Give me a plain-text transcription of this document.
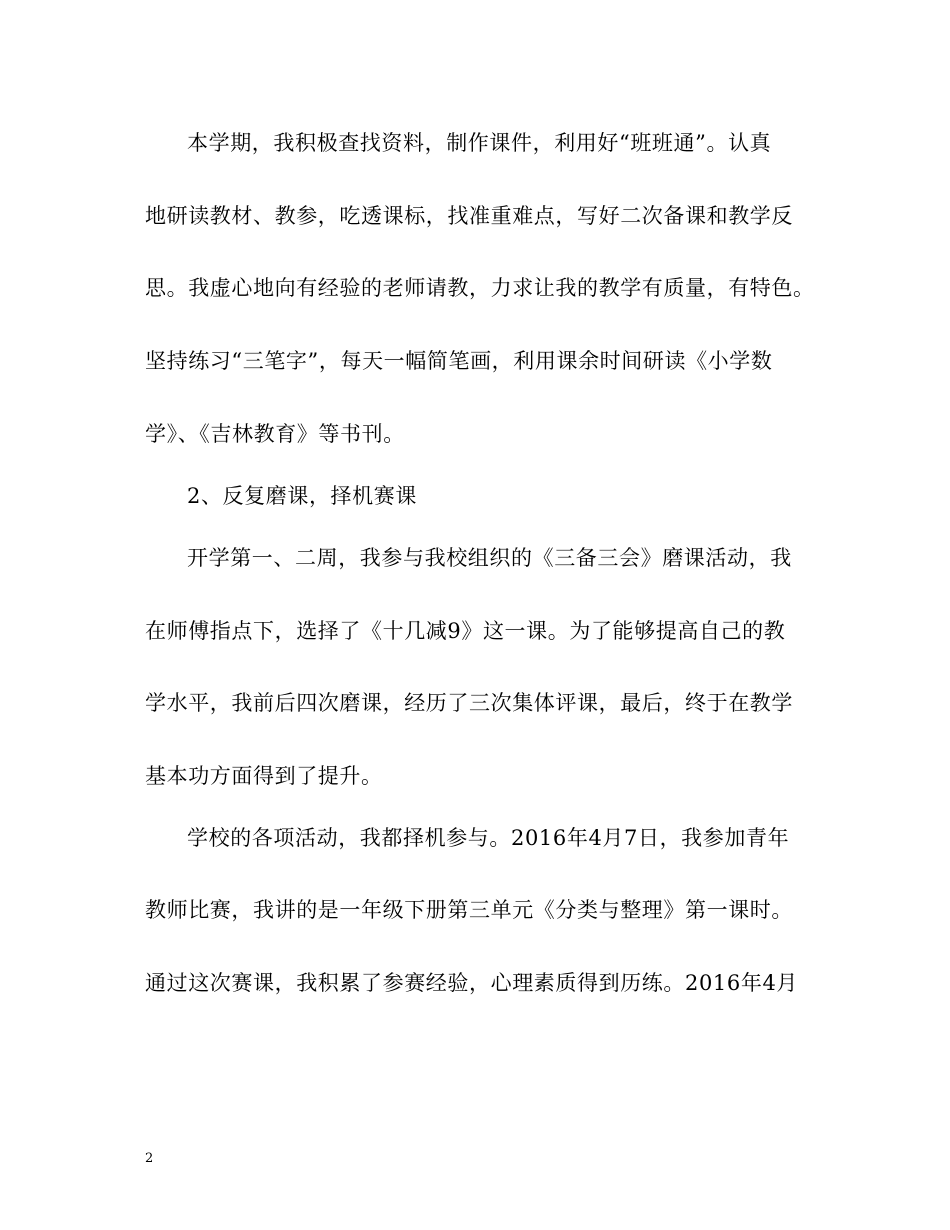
本学期，我积极查找资料，制作课件，利用好“班班通”。认真
地研读教材、教参，吃透课标，找准重难点，写好二次备课和教学反
思。我虚心地向有经验的老师请教，力求让我的教学有质量，有特色。
坚持练习“三笔字”，每天一幅简笔画，利用课余时间研读《小学数
学》、《吉林教育》等书刊。
2、反复磨课，择机赛课
开学第一、二周，我参与我校组织的《三备三会》磨课活动，我
在师傅指点下，选择了《十几减9》这一课。为了能够提高自己的教
学水平，我前后四次磨课，经历了三次集体评课，最后，终于在教学
基本功方面得到了提升。
学校的各项活动，我都择机参与。2016年4月7日，我参加青年
教师比赛，我讲的是一年级下册第三单元《分类与整理》第一课时。
通过这次赛课，我积累了参赛经验，心理素质得到历练。2016年4月
2
